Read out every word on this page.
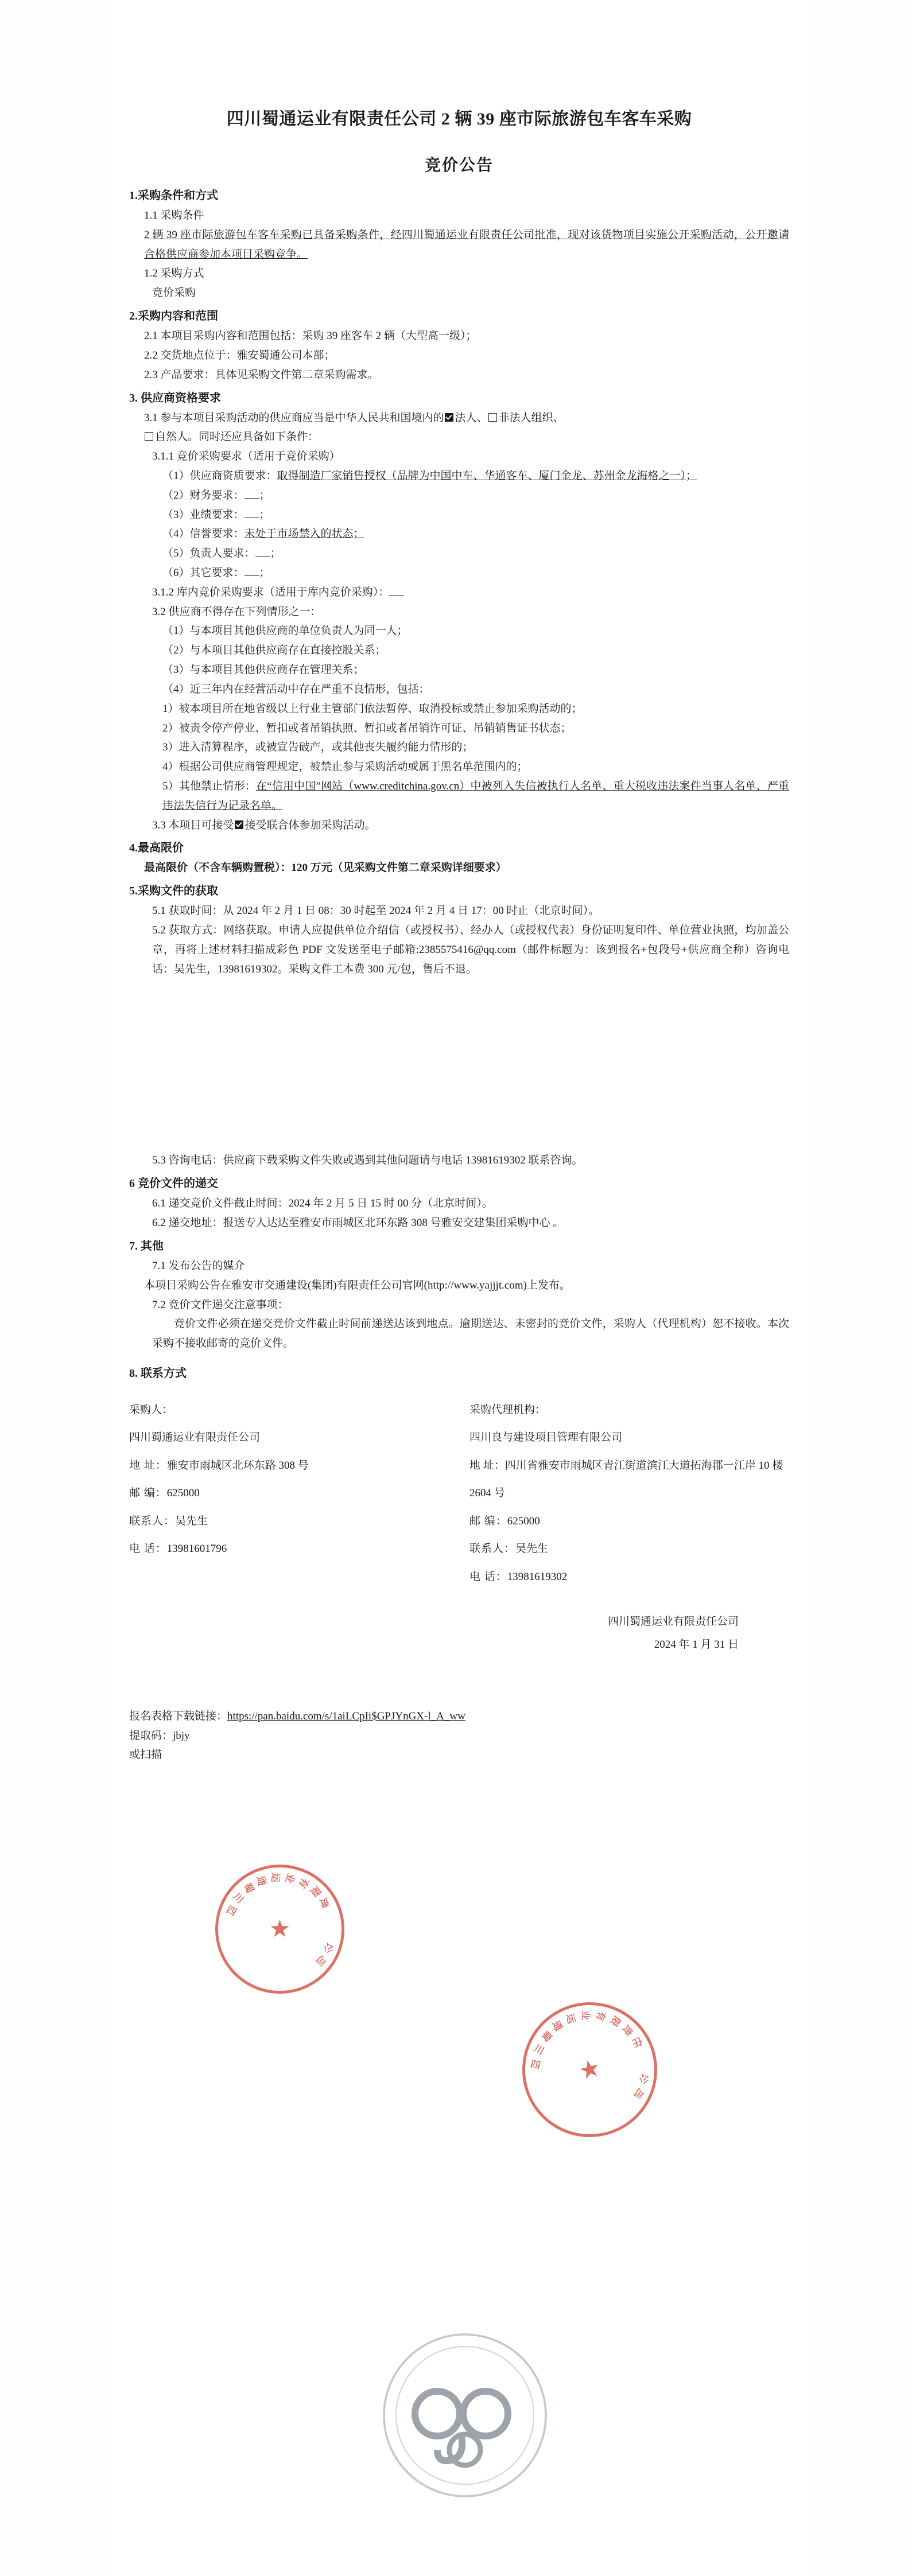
四川蜀通运业有限责任公司 2 辆 39 座市际旅游包车客车采购
竞价公告
1.采购条件和方式

1.1 采购条件

2 辆 39 座市际旅游包车客车采购已具备采购条件，经四川蜀通运业有限责任公司批准，现对该货物项目实施公开采购活动，公开邀请合格供应商参加本项目采购竞争。

1.2 采购方式

竞价采购

2.采购内容和范围

2.1 本项目采购内容和范围包括：采购 39 座客车 2 辆（大型高一级）；

2.2 交货地点位于：雅安蜀通公司本部；

2.3 产品要求：具体见采购文件第二章采购需求。

3. 供应商资格要求

3.1 参与本项目采购活动的供应商应当是中华人民共和国境内的 法人、 非法人组织、
自然人。同时还应具备如下条件：

3.1.1 竞价采购要求（适用于竞价采购）

（1）供应商资质要求：取得制造厂家销售授权（品牌为中国中车、华通客车、厦门金龙、苏州金龙海格之一）；

（2）财务要求： ；

（3）业绩要求： ；

（4）信誉要求：未处于市场禁入的状态；

（5）负责人要求： ；

（6）其它要求： ；

3.1.2 库内竞价采购要求（适用于库内竞价采购）：

3.2 供应商不得存在下列情形之一：

（1）与本项目其他供应商的单位负责人为同一人；

（2）与本项目其他供应商存在直接控股关系；

（3）与本项目其他供应商存在管理关系；

（4）近三年内在经营活动中存在严重不良情形，包括：

1）被本项目所在地省级以上行业主管部门依法暂停、取消投标或禁止参加采购活动的；

2）被责令停产停业、暂扣或者吊销执照、暂扣或者吊销许可证、吊销销售证书状态；

3）进入清算程序，或被宣告破产，或其他丧失履约能力情形的；

4）根据公司供应商管理规定，被禁止参与采购活动或属于黑名单范围内的；

5）其他禁止情形：在“信用中国”网站（www.creditchina.gov.cn）中被列入失信被执行人名单、重大税收违法案件当事人名单、严重违法失信行为记录名单。

3.3 本项目可接受 接受联合体参加采购活动。

4.最高限价

最高限价（不含车辆购置税）：120 万元（见采购文件第二章采购详细要求）

5.采购文件的获取

5.1 获取时间：从 2024 年 2 月 1 日 08：30 时起至 2024 年 2 月 4 日 17：00 时止（北京时间）。

5.2 获取方式：网络获取。申请人应提供单位介绍信（或授权书）、经办人（或授权代表）身份证明复印件、单位营业执照，均加盖公章，再将上述材料扫描成彩色 PDF 文发送至电子邮箱:2385575416@qq.com（邮件标题为：该到报名+包段号+供应商全称）咨询电话：吴先生，13981619302。采购文件工本费 300 元/包，售后不退。

5.3 咨询电话：供应商下载采购文件失败或遇到其他问题请与电话 13981619302 联系咨询。

6 竞价文件的递交

6.1 递交竞价文件截止时间：2024 年 2 月 5 日 15 时 00 分（北京时间）。

6.2 递交地址：报送专人达达至雅安市雨城区北环东路 308 号雅安交建集团采购中心 。

7. 其他

7.1 发布公告的媒介

本项目采购公告在雅安市交通建设(集团)有限责任公司官网(http://www.yajjjt.com)上发布。

7.2 竞价文件递交注意事项：

竞价文件必须在递交竞价文件截止时间前递送达该到地点。逾期送达、未密封的竞价文件，采购人（代理机构）恕不接收。本次采购不接收邮寄的竞价文件。

8. 联系方式
采购人：
四川蜀通运业有限责任公司
地 址：雅安市雨城区北环东路 308 号
邮 编：625000
联系人：吴先生
电 话：13981601796
采购代理机构：
四川良与建设项目管理有限公司
地 址：四川省雅安市雨城区青江街道滨江大道拓海郡一江岸 10 楼 2604 号
邮 编：625000
联系人：吴先生
电 话：13981619302
四川蜀通运业有限责任公司
2024 年 1 月 31 日

报名表格下载链接：https://pan.baidu.com/s/1aiLCpIi$GPJYnGX-l_A_ww

提取码：jbjy

或扫描

★
四
川
蜀
通 运 业 有
限
责
公
司
★
四
川
蜀
通
运 业 有 限
责
任
公
司
